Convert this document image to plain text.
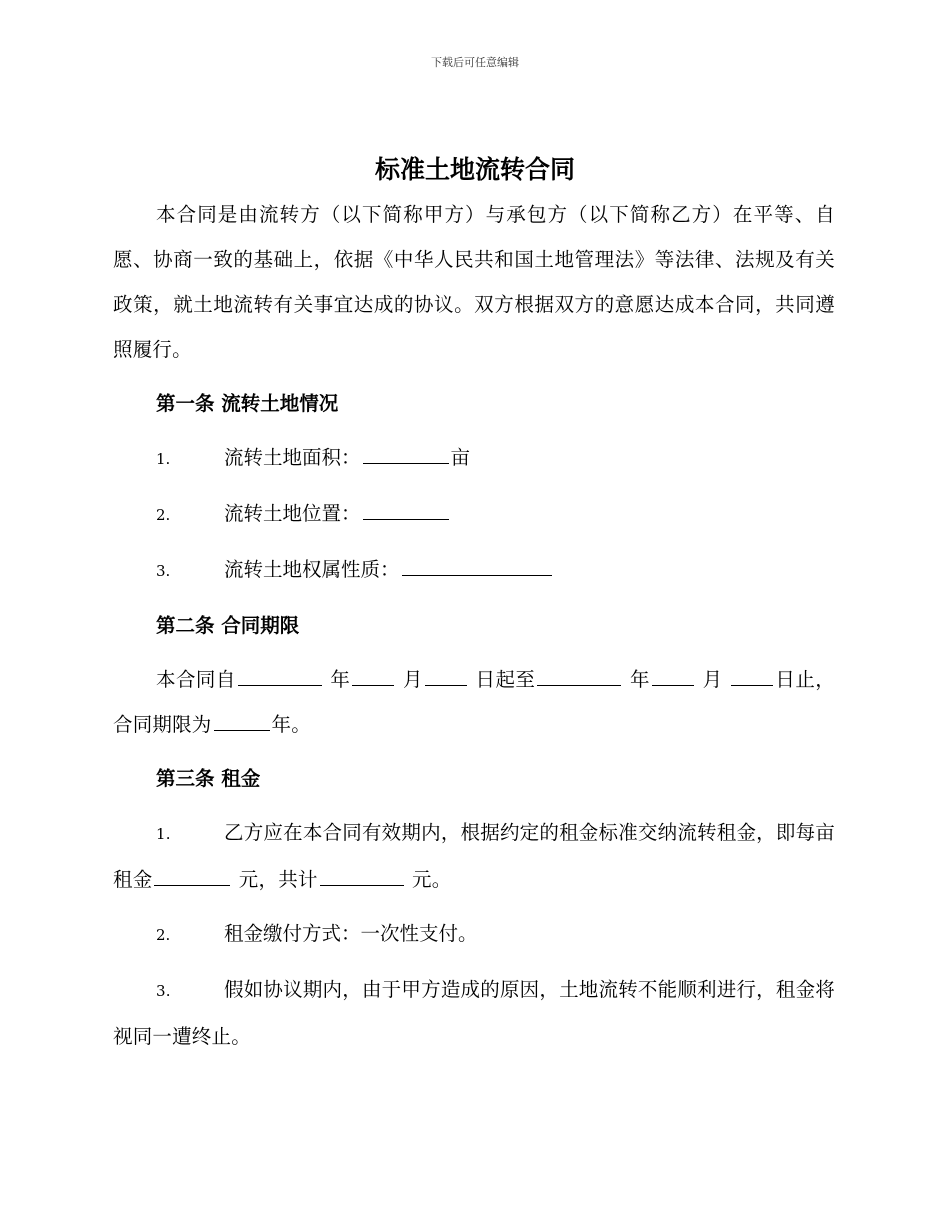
下载后可任意编辑
标准土地流转合同

本合同是由流转方（以下简称甲方）与承包方（以下简称乙方）在平等、自愿、协商一致的基础上，依据《中华人民共和国土地管理法》等法律、法规及有关政策，就土地流转有关事宜达成的协议。双方根据双方的意愿达成本合同，共同遵照履行。

第一条 流转土地情况
1.	流转土地面积：	亩
2.	流转土地位置：
3.	流转土地权属性质：
第二条 合同期限

本合同自	年 月 日起至	年 月 日止，合同期限为	年。

第三条 租金

1.	乙方应在本合同有效期内，根据约定的租金标准交纳流转租金，即每亩租金	元，共计	元。

2.	租金缴付方式：一次性支付。

3.	假如协议期内，由于甲方造成的原因，土地流转不能顺利进行，租金将视同一遭终止。
